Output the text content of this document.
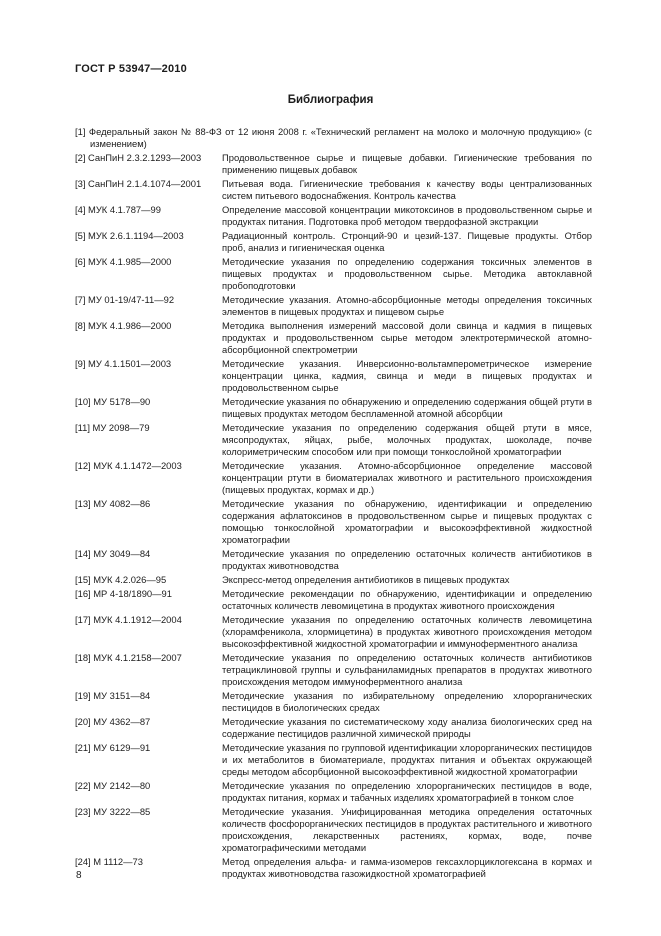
ГОСТ Р 53947—2010
Библиография
[1] Федеральный закон № 88-ФЗ от 12 июня 2008 г. «Технический регламент на молоко и молочную продукцию» (с изменением)
[2] СанПиН 2.3.2.1293—2003	Продовольственное сырье и пищевые добавки. Гигиенические требования по применению пищевых добавок
[3] СанПиН 2.1.4.1074—2001	Питьевая вода. Гигиенические требования к качеству воды централизованных систем питьевого водоснабжения. Контроль качества
[4] МУК 4.1.787—99	Определение массовой концентрации микотоксинов в продовольственном сырье и продуктах питания. Подготовка проб методом твердофазной экстракции
[5] МУК 2.6.1.1194—2003	Радиационный контроль. Стронций-90 и цезий-137. Пищевые продукты. Отбор проб, анализ и гигиеническая оценка
[6] МУК 4.1.985—2000	Методические указания по определению содержания токсичных элементов в пищевых продуктах и продовольственном сырье. Методика автоклавной пробоподготовки
[7] МУ 01-19/47-11—92	Методические указания. Атомно-абсорбционные методы определения токсичных элементов в пищевых продуктах и пищевом сырье
[8] МУК 4.1.986—2000	Методика выполнения измерений массовой доли свинца и кадмия в пищевых продуктах и продовольственном сырье методом электротермической атомно-абсорбционной спектрометрии
[9] МУ 4.1.1501—2003	Методические указания. Инверсионно-вольтамперометрическое измерение концентрации цинка, кадмия, свинца и меди в пищевых продуктах и продовольственном сырье
[10] МУ 5178—90	Методические указания по обнаружению и определению содержания общей ртути в пищевых продуктах методом беспламенной атомной абсорбции
[11] МУ 2098—79	Методические указания по определению содержания общей ртути в мясе, мясопродуктах, яйцах, рыбе, молочных продуктах, шоколаде, почве колориметрическим способом или при помощи тонкослойной хроматографии
[12] МУК 4.1.1472—2003	Методические указания. Атомно-абсорбционное определение массовой концентрации ртути в биоматериалах животного и растительного происхождения (пищевых продуктах, кормах и др.)
[13] МУ 4082—86	Методические указания по обнаружению, идентификации и определению содержания афлатоксинов в продовольственном сырье и пищевых продуктах с помощью тонкослойной хроматографии и высокоэффективной жидкостной хроматографии
[14] МУ 3049—84	Методические указания по определению остаточных количеств антибиотиков в продуктах животноводства
[15] МУК 4.2.026—95	Экспресс-метод определения антибиотиков в пищевых продуктах
[16] МР 4-18/1890—91	Методические рекомендации по обнаружению, идентификации и определению остаточных количеств левомицетина в продуктах животного происхождения
[17] МУК 4.1.1912—2004	Методические указания по определению остаточных количеств левомицетина (хлорамфеникола, хлормицетина) в продуктах животного происхождения методом высокоэффективной жидкостной хроматографии и иммуноферментного анализа
[18] МУК 4.1.2158—2007	Методические указания по определению остаточных количеств антибиотиков тетрациклиновой группы и сульфаниламидных препаратов в продуктах животного происхождения методом иммуноферментного анализа
[19] МУ 3151—84	Методические указания по избирательному определению хлорорганических пестицидов в биологических средах
[20] МУ 4362—87	Методические указания по систематическому ходу анализа биологических сред на содержание пестицидов различной химической природы
[21] МУ 6129—91	Методические указания по групповой идентификации хлорорганических пестицидов и их метаболитов в биоматериале, продуктах питания и объектах окружающей среды методом абсорбционной высокоэффективной жидкостной хроматографии
[22] МУ 2142—80	Методические указания по определению хлорорганических пестицидов в воде, продуктах питания, кормах и табачных изделиях хроматографией в тонком слое
[23] МУ 3222—85	Методические указания. Унифицированная методика определения остаточных количеств фосфорорганических пестицидов в продуктах растительного и животного происхождения, лекарственных растениях, кормах, воде, почве хроматографическими методами
[24] М 1112—73	Метод определения альфа- и гамма-изомеров гексахлорциклогексана в кормах и продуктах животноводства газожидкостной хроматографией
8
